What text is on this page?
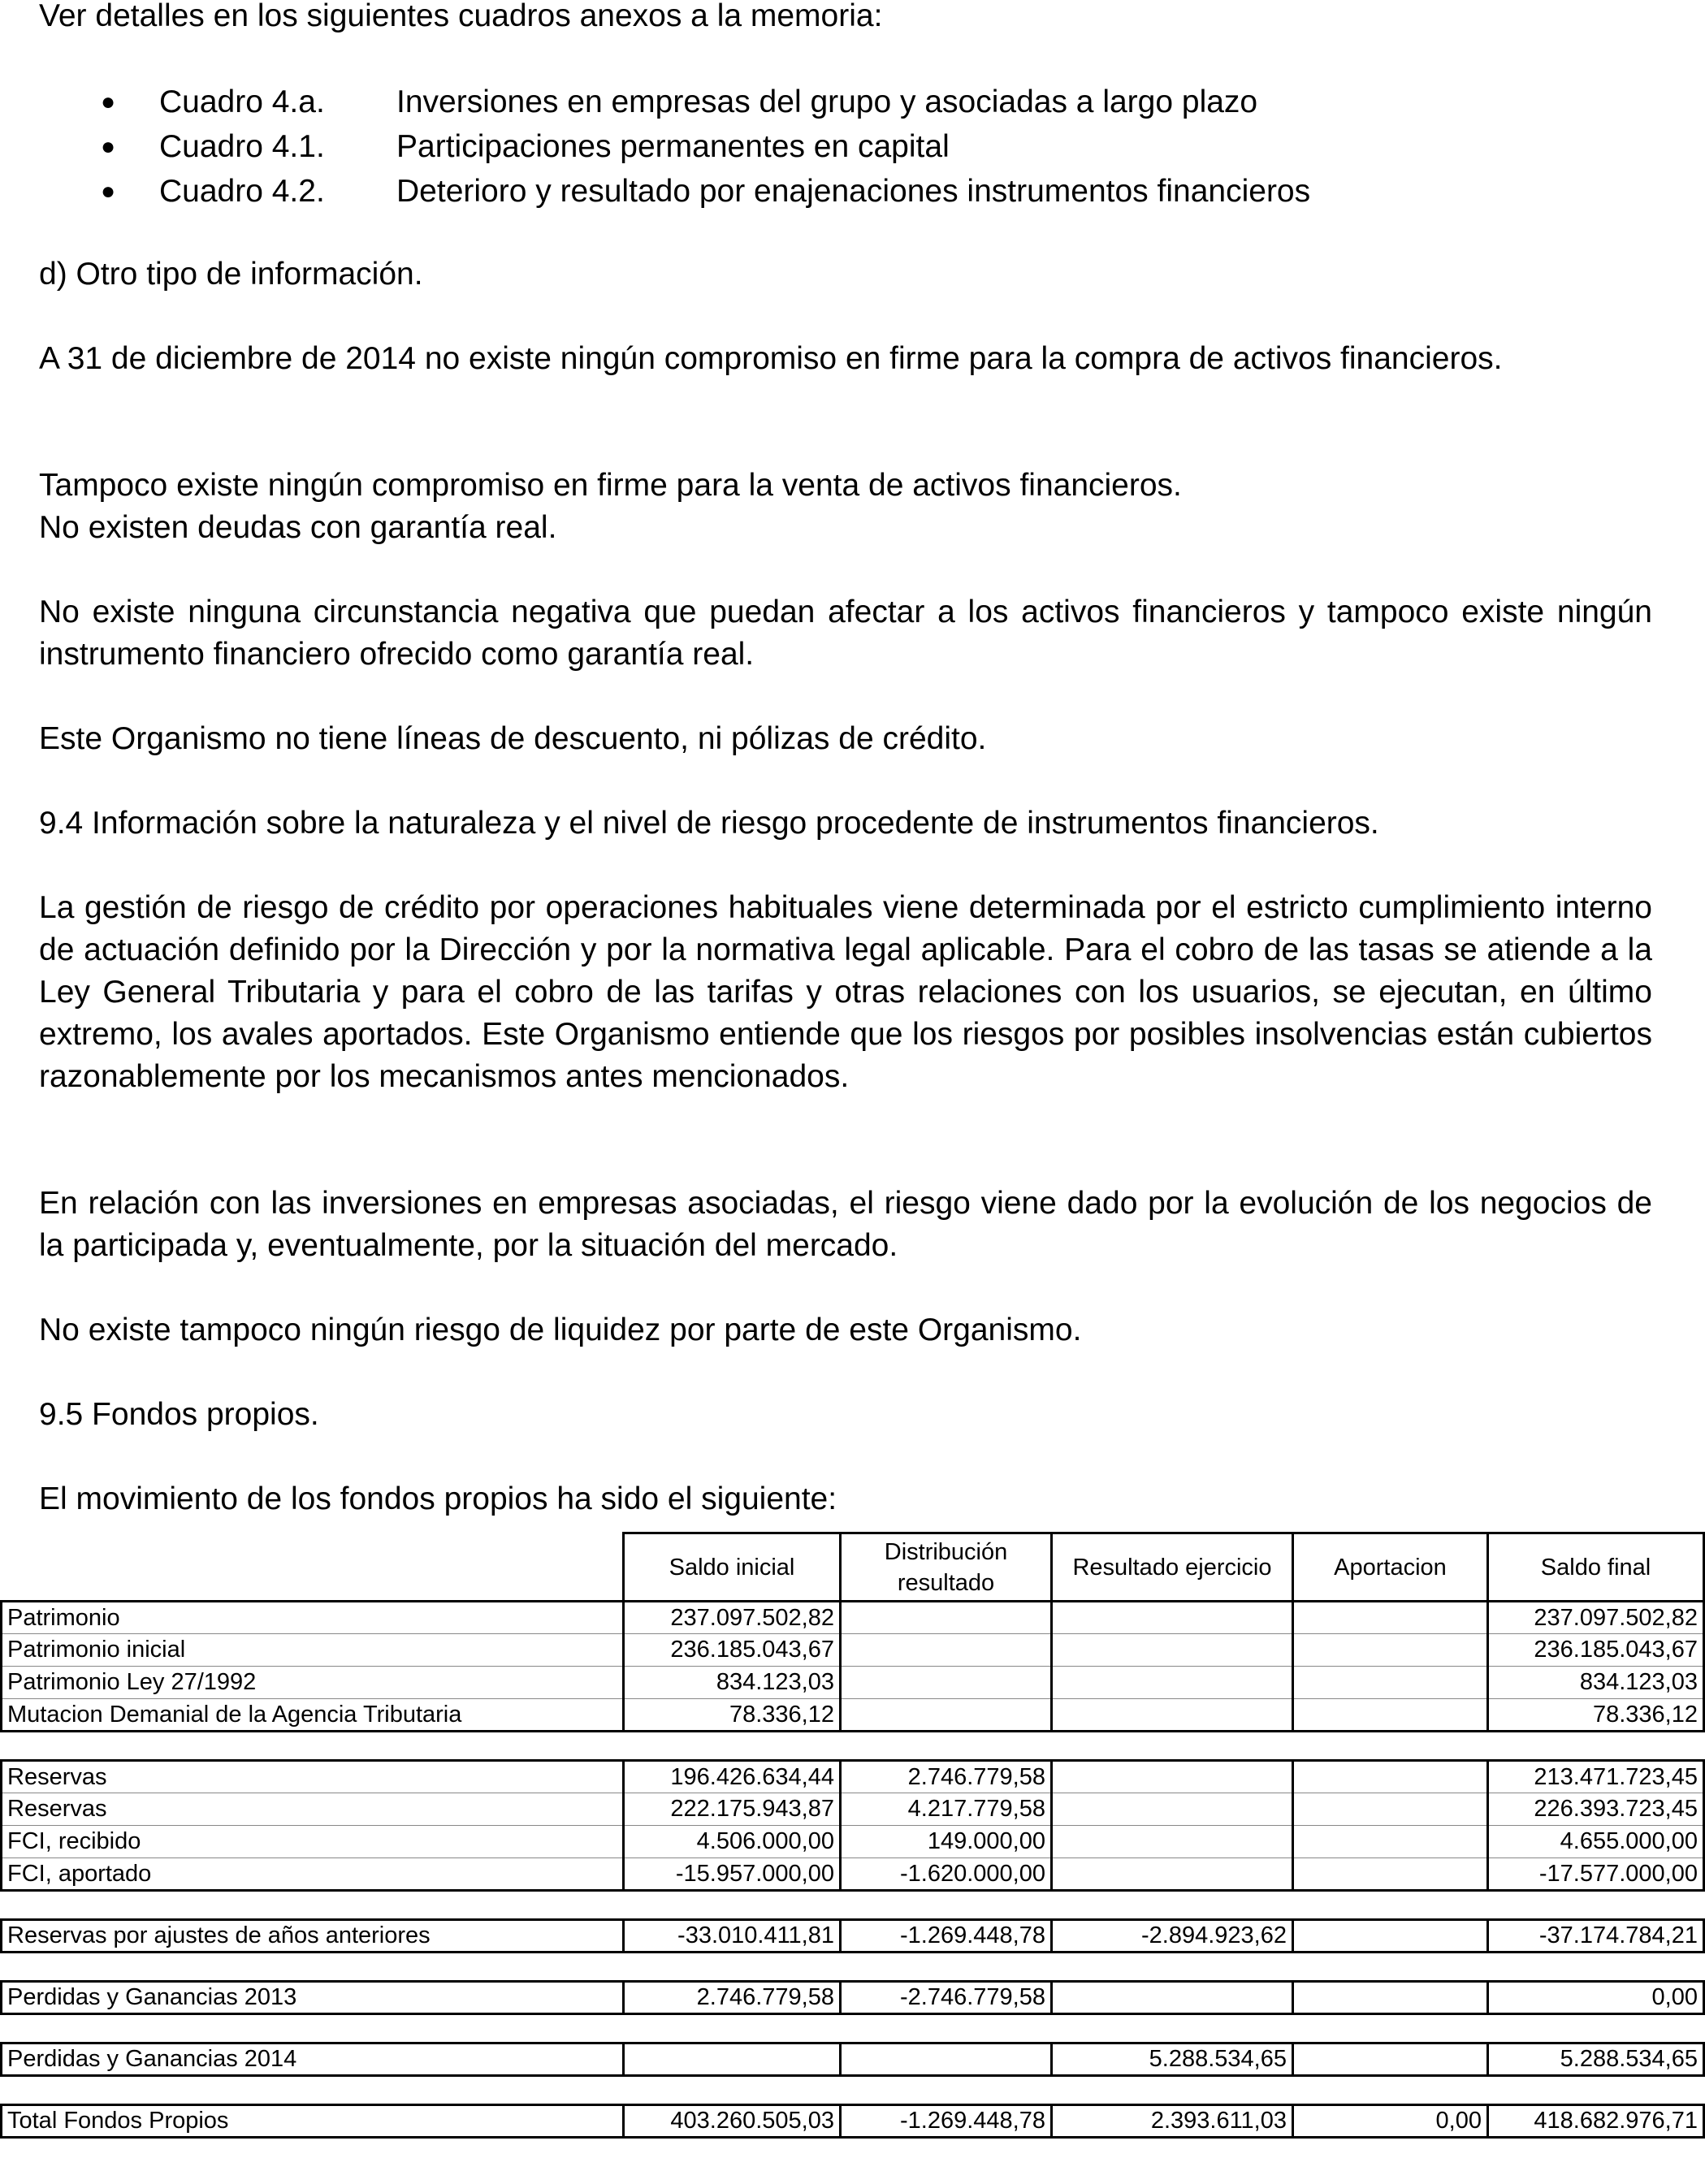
Ver detalles en los siguientes cuadros anexos a la memoria:
● Cuadro 4.a. Inversiones en empresas del grupo y asociadas a largo plazo
● Cuadro 4.1. Participaciones permanentes en capital
● Cuadro 4.2. Deterioro y resultado por enajenaciones instrumentos financieros
d) Otro tipo de información.
A 31 de diciembre de 2014 no existe ningún compromiso en firme para la compra de activos financieros.
Tampoco existe ningún compromiso en firme para la venta de activos financieros.
No existen deudas con garantía real.
No existe ninguna circunstancia negativa que puedan afectar a los activos financieros y tampoco existe ningún instrumento financiero ofrecido como garantía real.
Este Organismo no tiene líneas de descuento, ni pólizas de crédito.
9.4 Información sobre la naturaleza y el nivel de riesgo procedente de instrumentos financieros.
La gestión de riesgo de crédito por operaciones habituales viene determinada por el estricto cumplimiento interno de actuación definido por la Dirección y por la normativa legal aplicable. Para el cobro de las tasas se atiende a la Ley General Tributaria y para el cobro de las tarifas y otras relaciones con los usuarios, se ejecutan, en último extremo, los avales aportados. Este Organismo entiende que los riesgos por posibles insolvencias están cubiertos razonablemente por los mecanismos antes mencionados.
En relación con las inversiones en empresas asociadas, el riesgo viene dado por la evolución de los negocios de la participada y, eventualmente, por la situación del mercado.
No existe tampoco ningún riesgo de liquidez por parte de este Organismo.
9.5 Fondos propios.
El movimiento de los fondos propios ha sido el siguiente:
	Saldo inicial	Distribución resultado	Resultado ejercicio	Aportacion	Saldo final
Patrimonio	237.097.502,82				237.097.502,82
Patrimonio inicial	236.185.043,67				236.185.043,67
Patrimonio Ley 27/1992	834.123,03				834.123,03
Mutacion Demanial de la Agencia Tributaria	78.336,12				78.336,12

Reservas	196.426.634,44	2.746.779,58			213.471.723,45
Reservas	222.175.943,87	4.217.779,58			226.393.723,45
FCI, recibido	4.506.000,00	149.000,00			4.655.000,00
FCI, aportado	-15.957.000,00	-1.620.000,00			-17.577.000,00

Reservas por ajustes de años anteriores	-33.010.411,81	-1.269.448,78	-2.894.923,62		-37.174.784,21

Perdidas y Ganancias 2013	2.746.779,58	-2.746.779,58			0,00

Perdidas y Ganancias 2014			5.288.534,65		5.288.534,65

Total Fondos Propios	403.260.505,03	-1.269.448,78	2.393.611,03	0,00	418.682.976,71
